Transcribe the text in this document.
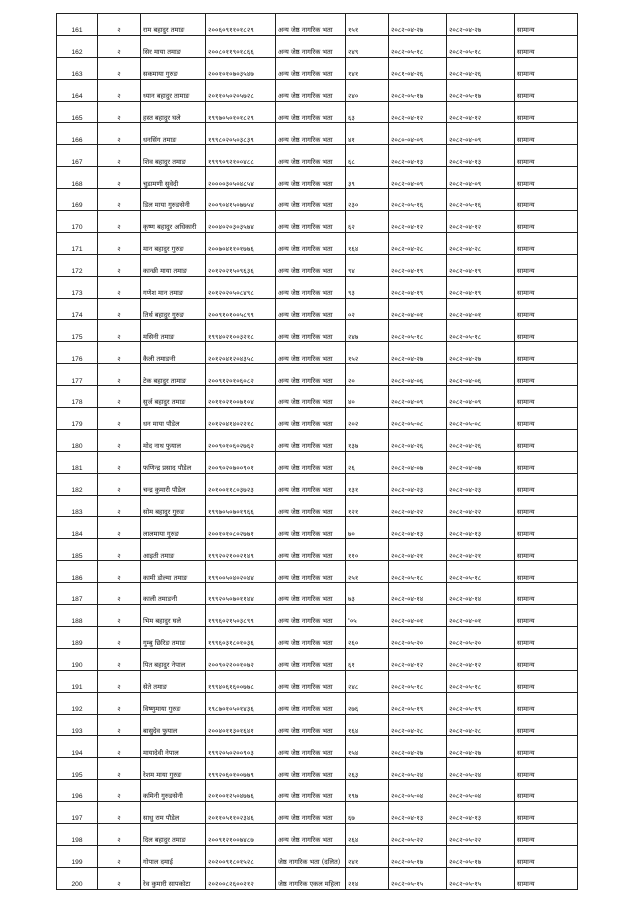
161	२	राम बहादुर तमाङ	२००६०९११०१८२९	अन्य जेष्ठ नागरिक भता	१५१	२०८२-०४-२७	२०८२-०४-२७	सामान्य
162	२	सिर माया तमाङ	२००८०११९०१८६६	अन्य जेष्ठ नागरिक भता	२४९	२०८२-०५-१८	२०८२-०५-१८	सामान्य
163	२	सकमाया गुरुङ	२००१०१०७०३५४७	अन्य जेष्ठ नागरिक भता	१४१	२०८१-०४-२६	२०८२-०४-२६	सामान्य
164	२	ध्यान बहादुर तामाङ	२०११०५०२०५७२८	अन्य जेष्ठ नागरिक भता	२४०	२०८२-०५-१७	२०८२-०५-१७	सामान्य
165	२	हस्त बहादुर घले	१९९७०५०१०१८२९	अन्य जेष्ठ नागरिक भता	६३	२०८२-०४-१२	२०८२-०४-१२	सामान्य
166	२	धनसिंग तमाङ	१९९८०२०५०३८३९	अन्य जेष्ठ नागरिक भता	४१	२०८०-०४-०९	२०८२-०४-०९	सामान्य
167	२	शिव बहादुर तमाङ	१९९९०९२१००४८८	अन्य जेष्ठ नागरिक भता	६८	२०८२-०४-१३	२०८२-०४-१३	सामान्य
168	२	चुडामणी सुवेदी	२००००३०५०४८५४	अन्य जेष्ठ नागरिक भता	३९	२०८२-०४-०९	२०८२-०४-०९	सामान्य
169	२	डिल माया गुरुङसेनी	२००९०४१५०७७५४	अन्य जेष्ठ नागरिक भता	२३०	२०८२-०५-१६	२०८२-०५-१६	सामान्य
170	२	कृष्ण बहादुर अधिकारी	२००४०२०३०३५७४	अन्य जेष्ठ नागरिक भता	६२	२०८२-०४-१२	२०८२-०४-१२	सामान्य
171	२	मान बहादुर गुरुङ	२००७०४११०१७७६	अन्य जेष्ठ नागरिक भता	१६४	२०८२-०४-२८	२०८२-०४-२८	सामान्य
172	२	कान्छी माया तमाङ	२०१२०२१५०९६३६	अन्य जेष्ठ नागरिक भता	९४	२०८२-०४-१९	२०८२-०४-१९	सामान्य
173	२	गणेश मान तमाङ	२०१२०२०५०८४९८	अन्य जेष्ठ नागरिक भता	९३	२०८२-०४-१९	२०८२-०४-१९	सामान्य
174	२	तिर्थ बहादुर गुरुङ	२००९१०१००५८९९	अन्य जेष्ठ नागरिक भता	०२	२०८२-०४-०१	२०८२-०४-०१	सामान्य
175	२	मसिनी तमाङ	१९९४०२१००३२१८	अन्य जेष्ठ नागरिक भता	२४७	२०८२-०५-१८	२०८२-०५-१८	सामान्य
176	२	कैली तमाङनी	२०१२०४१२०४३५८	अन्य जेष्ठ नागरिक भता	१५२	२०८२-०४-२७	२०८२-०४-२७	सामान्य
177	२	टेक बहादुर तामाङ	२००९१२०१०६०८२	अन्य जेष्ठ नागरिक भता	२०	२०८२-०४-०६	२०८२-०४-०६	सामान्य
178	२	सुर्ज बहादुर तमाङ	२०११०२१००७१०४	अन्य जेष्ठ नागरिक भता	४०	२०८२-०४-०९	२०८२-०४-०९	सामान्य
179	२	धन माया पौडेल	२०१२०४१४०२२१८	अन्य जेष्ठ नागरिक भता	२०२	२०८२-०५-०८	२०८२-०५-०८	सामान्य
180	२	मोद नाथ फुयाल	२००९०१०६०२७६२	अन्य जेष्ठ नागरिक भता	१३७	२०८२-०४-२६	२०८२-०४-२६	सामान्य
181	२	फणिन्द्र प्रसाद पौडेल	२००९०२०७००९०१	अन्य जेष्ठ नागरिक भता	२६	२०८२-०४-०७	२०८२-०४-०७	सामान्य
182	२	चन्द्र कुमारी पौडेल	२०१००११८०३७२३	अन्य जेष्ठ नागरिक भता	१३१	२०८२-०४-२३	२०८२-०४-२३	सामान्य
183	२	सोम बहादुर गुरुङ	१९९७०५०७०१९६६	अन्य जेष्ठ नागरिक भता	१२१	२०८२-०४-२२	२०८२-०४-२२	सामान्य
184	२	लालमाया गुरुङ	२००१०१०८०२७७१	अन्य जेष्ठ नागरिक भता	७०	२०८२-०४-१३	२०८२-०४-१३	सामान्य
185	२	आइती तमाङ	१९९२०२१००२१४९	अन्य जेष्ठ नागरिक भता	११०	२०८२-०४-२१	२०८२-०४-२१	सामान्य
186	२	कामी डोल्मा तमाङ	१९९००५०४०२०४४	अन्य जेष्ठ नागरिक भता	२५१	२०८२-०५-१८	२०८२-०५-१८	सामान्य
187	२	काली तमाङनी	१९९२०५०७०११४४	अन्य जेष्ठ नागरिक भता	७३	२०८२-०४-१४	२०८२-०४-१४	सामान्य
188	२	भिम बहादुर घले	१९९६०२१५०३८९९	अन्य जेष्ठ नागरिक भता	'०५	२०८२-०४-०१	२०८२-०४-०१	सामान्य
189	२	गुम्बु छिरिङ तमाङ	१९९६०३१८०१०३६	अन्य जेष्ठ नागरिक भता	२६०	२०८२-०५-२०	२०८२-०५-२०	सामान्य
190	२	पित बहादुर नेपाल	२००९०२२००१०७२	अन्य जेष्ठ नागरिक भता	६१	२०८२-०४-१२	२०८२-०४-१२	सामान्य
191	२	सेते तमाङ	१९९४०६१६००७७८	अन्य जेष्ठ नागरिक भता	२४८	२०८२-०५-१८	२०८२-०५-१८	सामान्य
192	२	विष्णुमाया गुरुङ	१९८७०१०५०१४३६	अन्य जेष्ठ नागरिक भता	२७६	२०८२-०५-१९	२०८२-०५-१९	सामान्य
193	२	बासुदेव फुयाल	२००४०११३०१६४१	अन्य जेष्ठ नागरिक भता	१६४	२०८२-०४-२८	२०८२-०४-२८	सामान्य
194	२	मायादेवी नेपाल	१९९२०५०२००९०३	अन्य जेष्ठ नागरिक भता	१५४	२०८२-०४-२७	२०८२-०४-२७	सामान्य
195	२	रेशम माया गुरुङ	१९९२०६०१००७७९	अन्य जेष्ठ नागरिक भता	२६३	२०८२-०५-२४	२०८२-०५-२४	सामान्य
196	२	कमिनी गुरुङसेनी	२०१००१२५०४७७६	अन्य जेष्ठ नागरिक भता	१९७	२०८२-०५-०४	२०८२-०५-०४	सामान्य
197	२	साधु राम पौडेल	२०११०५११०२३४६	अन्य जेष्ठ नागरिक भता	६७	२०८२-०४-१३	२०८२-०४-१३	सामान्य
198	२	दिल बहादुर तमाङ	२००९१२१००७४८७	अन्य जेष्ठ नागरिक भता	२६४	२०८२-०५-२२	२०८२-०५-२२	सामान्य
199	२	गोपाल दमाई	२०२००९१८०१५२८	जेष्ठ नागरिक भता (दलित)	२४१	२०८२-०५-१७	२०८२-०५-१७	सामान्य
200	२	रेव कुमारी सापकोटा	२०२००८२६००२१२	जेष्ठ नागरिक एकल महिला	२१४	२०८२-०५-१५	२०८२-०५-१५	सामान्य
